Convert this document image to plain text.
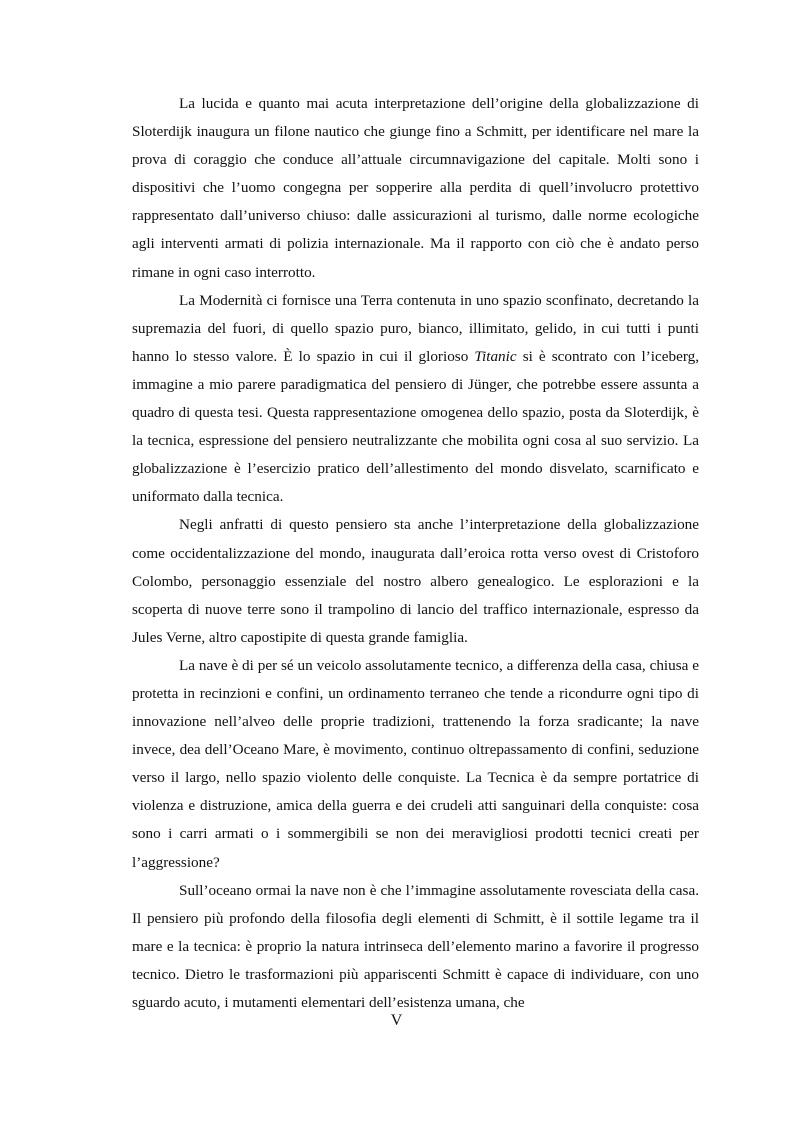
La lucida e quanto mai acuta interpretazione dell’origine della globalizzazione di Sloterdijk inaugura un filone nautico che giunge fino a Schmitt, per identificare nel mare la prova di coraggio che conduce all’attuale circumnavigazione del capitale. Molti sono i dispositivi che l’uomo congegna per sopperire alla perdita di quell’involucro protettivo rappresentato dall’universo chiuso: dalle assicurazioni al turismo, dalle norme ecologiche agli interventi armati di polizia internazionale. Ma il rapporto con ciò che è andato perso rimane in ogni caso interrotto.

La Modernità ci fornisce una Terra contenuta in uno spazio sconfinato, decretando la supremazia del fuori, di quello spazio puro, bianco, illimitato, gelido, in cui tutti i punti hanno lo stesso valore. È lo spazio in cui il glorioso Titanic si è scontrato con l’iceberg, immagine a mio parere paradigmatica del pensiero di Jünger, che potrebbe essere assunta a quadro di questa tesi. Questa rappresentazione omogenea dello spazio, posta da Sloterdijk, è la tecnica, espressione del pensiero neutralizzante che mobilita ogni cosa al suo servizio. La globalizzazione è l’esercizio pratico dell’allestimento del mondo disvelato, scarnificato e uniformato dalla tecnica.

Negli anfratti di questo pensiero sta anche l’interpretazione della globalizzazione come occidentalizzazione del mondo, inaugurata dall’eroica rotta verso ovest di Cristoforo Colombo, personaggio essenziale del nostro albero genealogico. Le esplorazioni e la scoperta di nuove terre sono il trampolino di lancio del traffico internazionale, espresso da Jules Verne, altro capostipite di questa grande famiglia.

La nave è di per sé un veicolo assolutamente tecnico, a differenza della casa, chiusa e protetta in recinzioni e confini, un ordinamento terraneo che tende a ricondurre ogni tipo di innovazione nell’alveo delle proprie tradizioni, trattenendo la forza sradicante; la nave invece, dea dell’Oceano Mare, è movimento, continuo oltrepassamento di confini, seduzione verso il largo, nello spazio violento delle conquiste. La Tecnica è da sempre portatrice di violenza e distruzione, amica della guerra e dei crudeli atti sanguinari della conquiste: cosa sono i carri armati o i sommergibili se non dei meravigliosi prodotti tecnici creati per l’aggressione?

Sull’oceano ormai la nave non è che l’immagine assolutamente rovesciata della casa. Il pensiero più profondo della filosofia degli elementi di Schmitt, è il sottile legame tra il mare e la tecnica: è proprio la natura intrinseca dell’elemento marino a favorire il progresso tecnico. Dietro le trasformazioni più appariscenti Schmitt è capace di individuare, con uno sguardo acuto, i mutamenti elementari dell’esistenza umana, che

V
